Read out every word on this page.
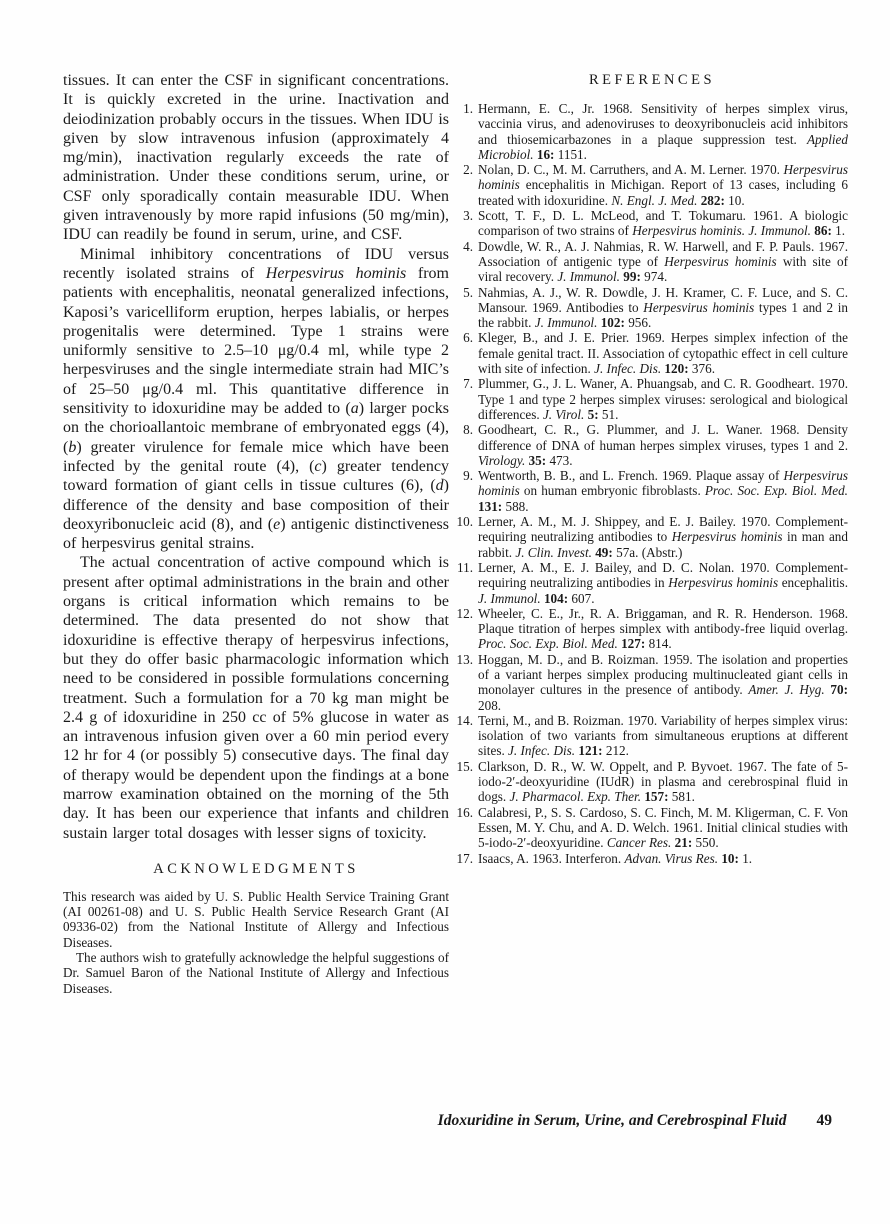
tissues. It can enter the CSF in significant concentrations. It is quickly excreted in the urine. Inactivation and deiodinization probably occurs in the tissues. When IDU is given by slow intravenous infusion (approximately 4 mg/min), inactivation regularly exceeds the rate of administration. Under these conditions serum, urine, or CSF only sporadically contain measurable IDU. When given intravenously by more rapid infusions (50 mg/min), IDU can readily be found in serum, urine, and CSF.

Minimal inhibitory concentrations of IDU versus recently isolated strains of Herpesvirus hominis from patients with encephalitis, neonatal generalized infections, Kaposi’s varicelliform eruption, herpes labialis, or herpes progenitalis were determined. Type 1 strains were uniformly sensitive to 2.5–10 μg/0.4 ml, while type 2 herpesviruses and the single intermediate strain had MIC’s of 25–50 μg/0.4 ml. This quantitative difference in sensitivity to idoxuridine may be added to (a) larger pocks on the chorioallantoic membrane of embryonated eggs (4), (b) greater virulence for female mice which have been infected by the genital route (4), (c) greater tendency toward formation of giant cells in tissue cultures (6), (d) difference of the density and base composition of their deoxyribonucleic acid (8), and (e) antigenic distinctiveness of herpesvirus genital strains.

The actual concentration of active compound which is present after optimal administrations in the brain and other organs is critical information which remains to be determined. The data presented do not show that idoxuridine is effective therapy of herpesvirus infections, but they do offer basic pharmacologic information which need to be considered in possible formulations concerning treatment. Such a formulation for a 70 kg man might be 2.4 g of idoxuridine in 250 cc of 5% glucose in water as an intravenous infusion given over a 60 min period every 12 hr for 4 (or possibly 5) consecutive days. The final day of therapy would be dependent upon the findings at a bone marrow examination obtained on the morning of the 5th day. It has been our experience that infants and children sustain larger total dosages with lesser signs of toxicity.

ACKNOWLEDGMENTS

This research was aided by U. S. Public Health Service Training Grant (AI 00261-08) and U. S. Public Health Service Research Grant (AI 09336-02) from the National Institute of Allergy and Infectious Diseases.

The authors wish to gratefully acknowledge the helpful suggestions of Dr. Samuel Baron of the National Institute of Allergy and Infectious Diseases.

REFERENCES
1. Hermann, E. C., Jr. 1968. Sensitivity of herpes simplex virus, vaccinia virus, and adenoviruses to deoxyribonucleis acid inhibitors and thiosemicarbazones in a plaque suppression test. Applied Microbiol. 16: 1151.
2. Nolan, D. C., M. M. Carruthers, and A. M. Lerner. 1970. Herpesvirus hominis encephalitis in Michigan. Report of 13 cases, including 6 treated with idoxuridine. N. Engl. J. Med. 282: 10.
3. Scott, T. F., D. L. McLeod, and T. Tokumaru. 1961. A biologic comparison of two strains of Herpesvirus hominis. J. Immunol. 86: 1.
4. Dowdle, W. R., A. J. Nahmias, R. W. Harwell, and F. P. Pauls. 1967. Association of antigenic type of Herpesvirus hominis with site of viral recovery. J. Immunol. 99: 974.
5. Nahmias, A. J., W. R. Dowdle, J. H. Kramer, C. F. Luce, and S. C. Mansour. 1969. Antibodies to Herpesvirus hominis types 1 and 2 in the rabbit. J. Immunol. 102: 956.
6. Kleger, B., and J. E. Prier. 1969. Herpes simplex infection of the female genital tract. II. Association of cytopathic effect in cell culture with site of infection. J. Infec. Dis. 120: 376.
7. Plummer, G., J. L. Waner, A. Phuangsab, and C. R. Goodheart. 1970. Type 1 and type 2 herpes simplex viruses: serological and biological differences. J. Virol. 5: 51.
8. Goodheart, C. R., G. Plummer, and J. L. Waner. 1968. Density difference of DNA of human herpes simplex viruses, types 1 and 2. Virology. 35: 473.
9. Wentworth, B. B., and L. French. 1969. Plaque assay of Herpesvirus hominis on human embryonic fibroblasts. Proc. Soc. Exp. Biol. Med. 131: 588.
10. Lerner, A. M., M. J. Shippey, and E. J. Bailey. 1970. Complement-requiring neutralizing antibodies to Herpesvirus hominis in man and rabbit. J. Clin. Invest. 49: 57a. (Abstr.)
11. Lerner, A. M., E. J. Bailey, and D. C. Nolan. 1970. Complement-requiring neutralizing antibodies in Herpesvirus hominis encephalitis. J. Immunol. 104: 607.
12. Wheeler, C. E., Jr., R. A. Briggaman, and R. R. Henderson. 1968. Plaque titration of herpes simplex with antibody-free liquid overlag. Proc. Soc. Exp. Biol. Med. 127: 814.
13. Hoggan, M. D., and B. Roizman. 1959. The isolation and properties of a variant herpes simplex producing multinucleated giant cells in monolayer cultures in the presence of antibody. Amer. J. Hyg. 70: 208.
14. Terni, M., and B. Roizman. 1970. Variability of herpes simplex virus: isolation of two variants from simultaneous eruptions at different sites. J. Infec. Dis. 121: 212.
15. Clarkson, D. R., W. W. Oppelt, and P. Byvoet. 1967. The fate of 5-iodo-2′-deoxyuridine (IUdR) in plasma and cerebrospinal fluid in dogs. J. Pharmacol. Exp. Ther. 157: 581.
16. Calabresi, P., S. S. Cardoso, S. C. Finch, M. M. Kligerman, C. F. Von Essen, M. Y. Chu, and A. D. Welch. 1961. Initial clinical studies with 5-iodo-2′-deoxyuridine. Cancer Res. 21: 550.
17. Isaacs, A. 1963. Interferon. Advan. Virus Res. 10: 1.
Idoxuridine in Serum, Urine, and Cerebrospinal Fluid 49
